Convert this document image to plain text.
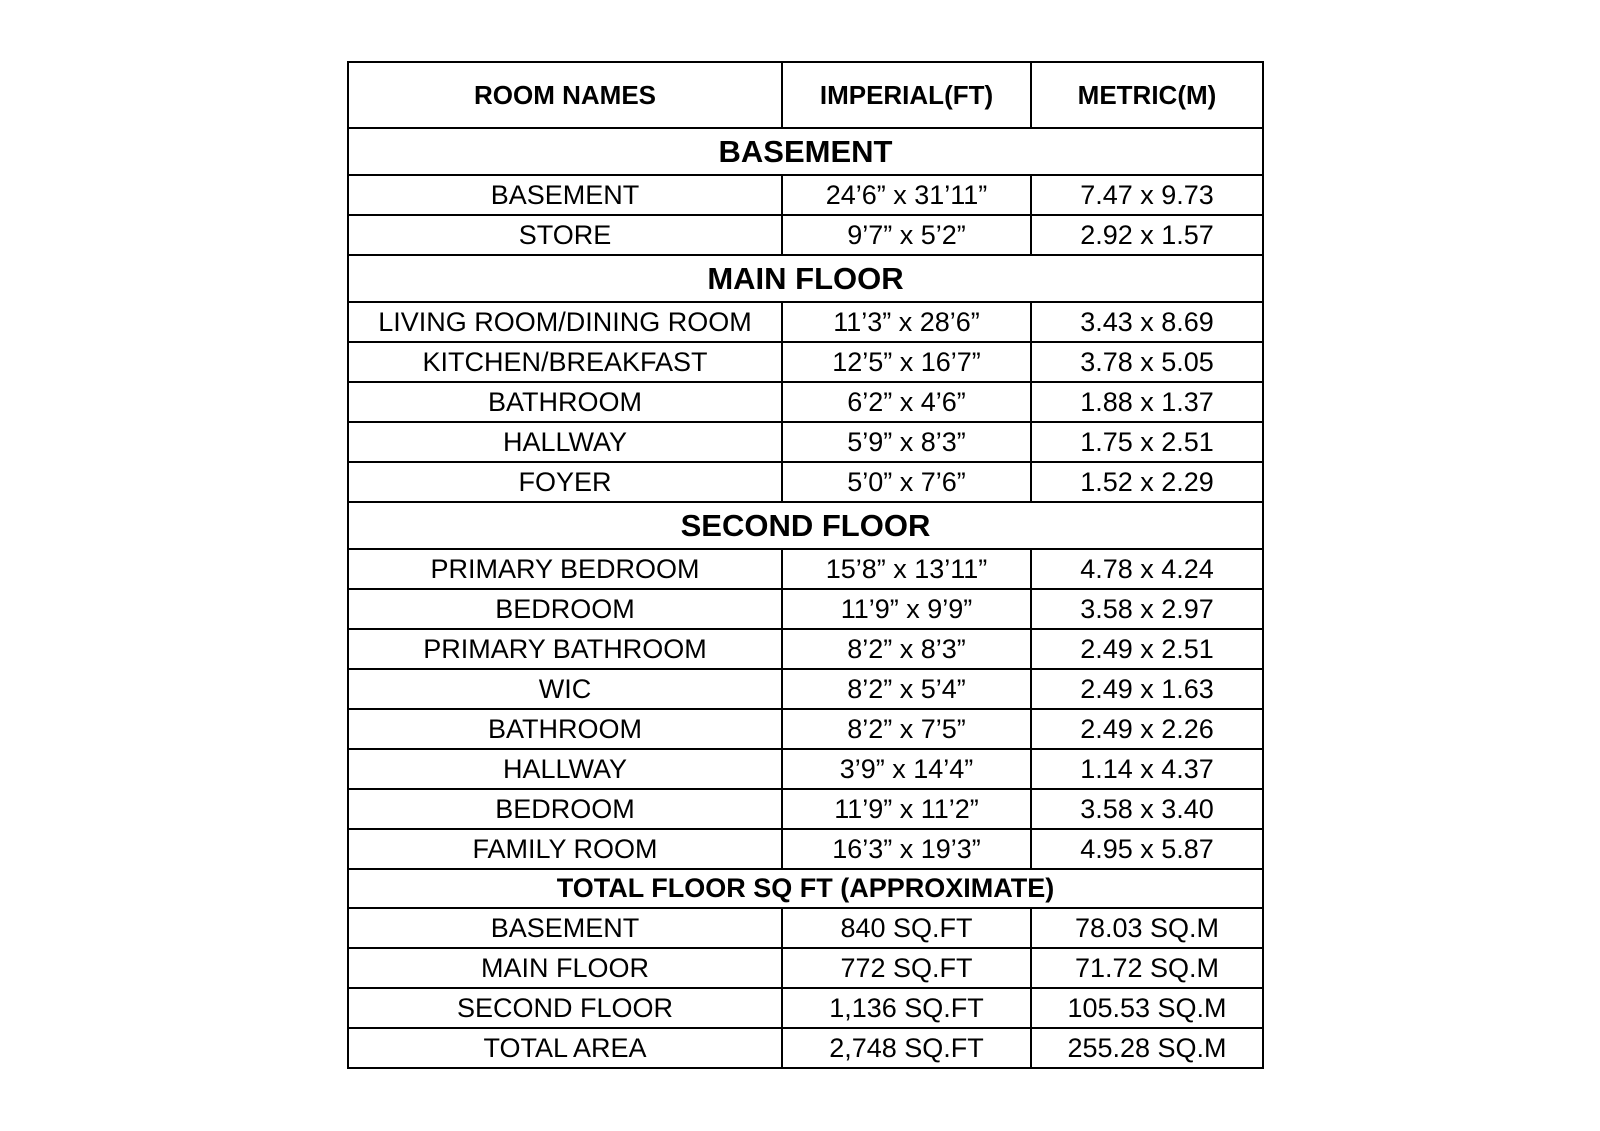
ROOM NAMES	IMPERIAL(FT)	METRIC(M)
BASEMENT		
BASEMENT	24’6” x 31’11”	7.47 x 9.73
STORE	9’7” x 5’2”	2.92 x 1.57
MAIN FLOOR		
LIVING ROOM/DINING ROOM	11’3” x 28’6”	3.43 x 8.69
KITCHEN/BREAKFAST	12’5” x 16’7”	3.78 x 5.05
BATHROOM	6’2” x 4’6”	1.88 x 1.37
HALLWAY	5’9” x 8’3”	1.75 x 2.51
FOYER	5’0” x 7’6”	1.52 x 2.29
SECOND FLOOR		
PRIMARY BEDROOM	15’8” x 13’11”	4.78 x 4.24
BEDROOM	11’9” x 9’9”	3.58 x 2.97
PRIMARY BATHROOM	8’2” x 8’3”	2.49 x 2.51
WIC	8’2” x 5’4”	2.49 x 1.63
BATHROOM	8’2” x 7’5”	2.49 x 2.26
HALLWAY	3’9” x 14’4”	1.14 x 4.37
BEDROOM	11’9” x 11’2”	3.58 x 3.40
FAMILY ROOM	16’3” x 19’3”	4.95 x 5.87
TOTAL FLOOR SQ FT (APPROXIMATE)		
BASEMENT	840 SQ.FT	78.03 SQ.M
MAIN FLOOR	772 SQ.FT	71.72 SQ.M
SECOND FLOOR	1,136 SQ.FT	105.53 SQ.M
TOTAL AREA	2,748 SQ.FT	255.28 SQ.M
